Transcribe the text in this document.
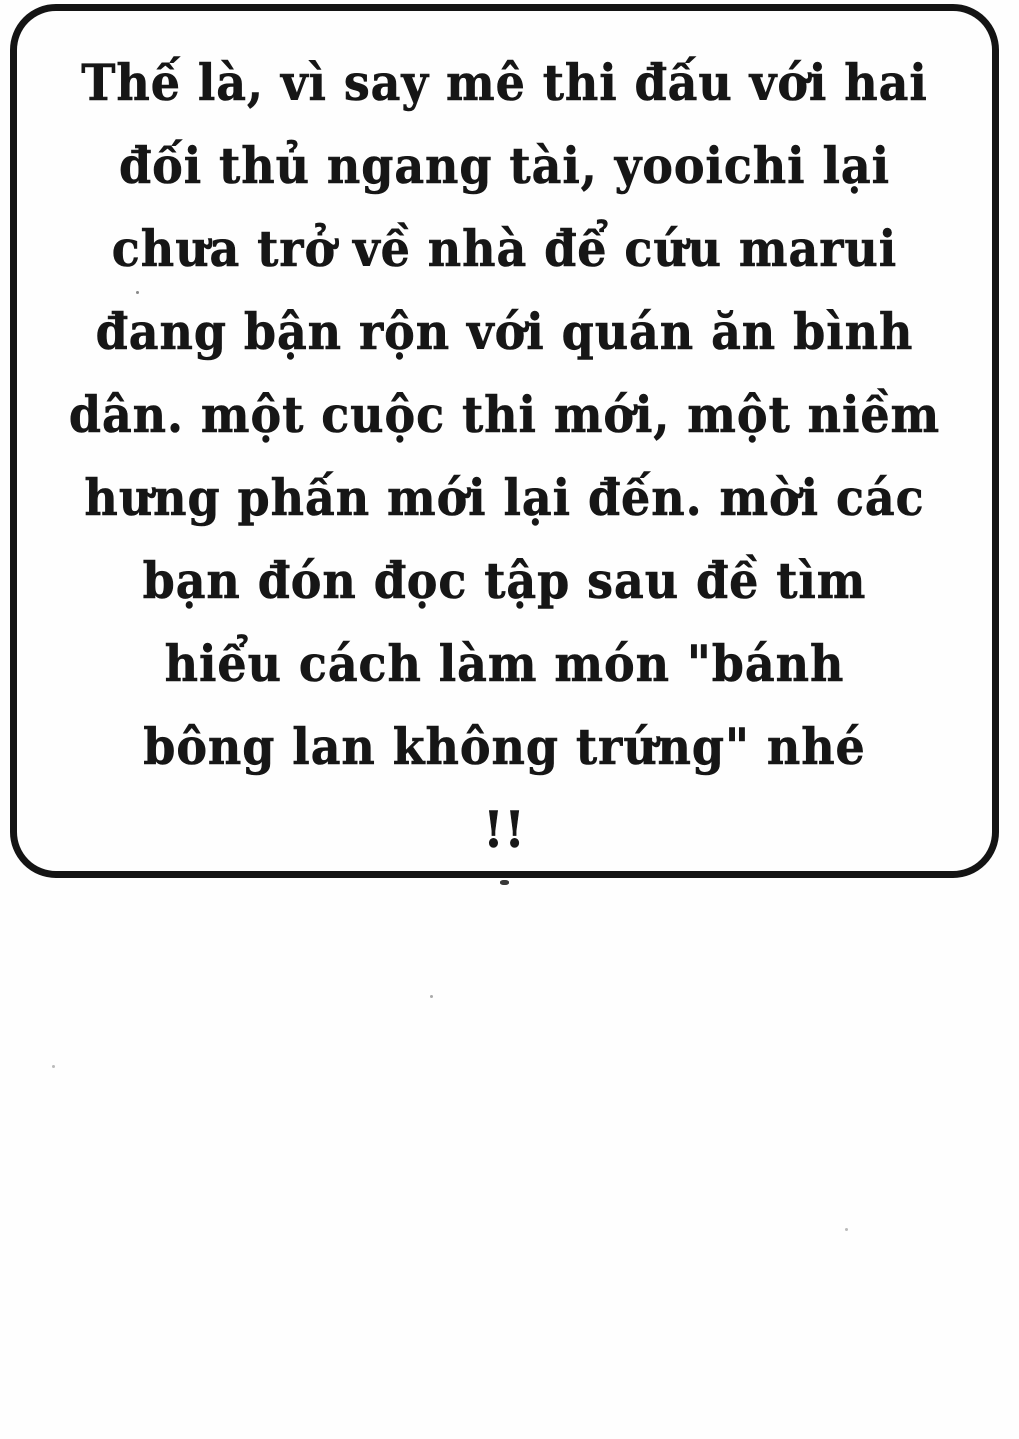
Thế là, vì say mê thi đấu với hai
đối thủ ngang tài, yooichi lại
chưa trở về nhà để cứu marui
đang bận rộn với quán ăn bình
dân. một cuộc thi mới, một niềm
hưng phấn mới lại đến. mời các
bạn đón đọc tập sau đề tìm
hiểu cách làm món "bánh
bông lan không trứng" nhé
!!
